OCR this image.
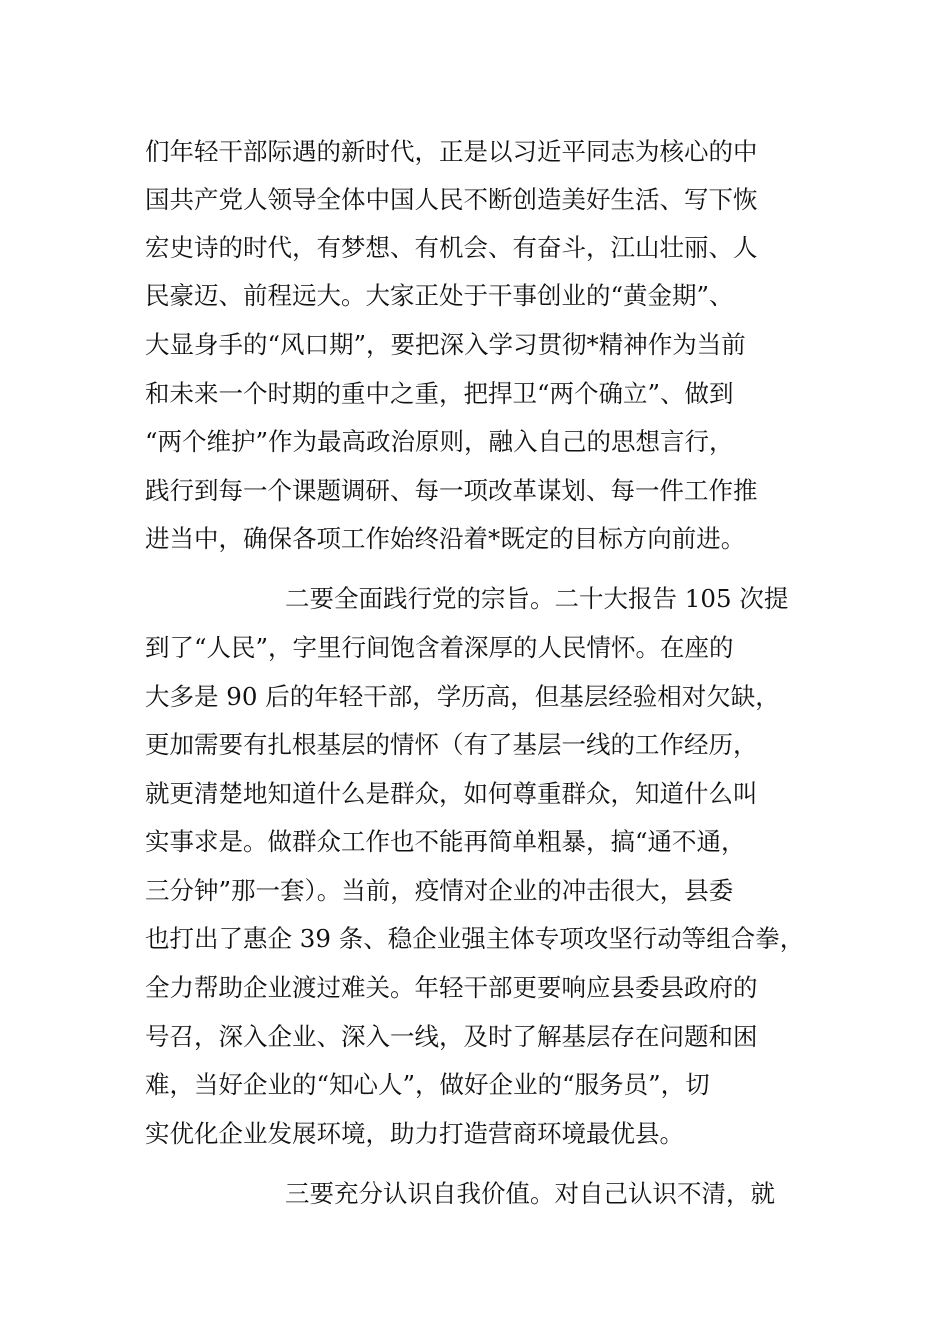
们年轻干部际遇的新时代，正是以习近平同志为核心的中
国共产党人领导全体中国人民不断创造美好生活、写下恢
宏史诗的时代，有梦想、有机会、有奋斗，江山壮丽、人
民豪迈、前程远大。大家正处于干事创业的“黄金期”、
大显身手的“风口期”，要把深入学习贯彻*精神作为当前
和未来一个时期的重中之重，把捍卫“两个确立”、做到
“两个维护”作为最高政治原则，融入自己的思想言行，
践行到每一个课题调研、每一项改革谋划、每一件工作推
进当中，确保各项工作始终沿着*既定的目标方向前进。
二要全面践行党的宗旨。二十大报告 105 次提
到了“人民”，字里行间饱含着深厚的人民情怀。在座的
大多是 90 后的年轻干部，学历高，但基层经验相对欠缺，
更加需要有扎根基层的情怀（有了基层一线的工作经历，
就更清楚地知道什么是群众，如何尊重群众，知道什么叫
实事求是。做群众工作也不能再简单粗暴，搞“通不通，
三分钟”那一套）。当前，疫情对企业的冲击很大，县委
也打出了惠企 39 条、稳企业强主体专项攻坚行动等组合拳，
全力帮助企业渡过难关。年轻干部更要响应县委县政府的
号召，深入企业、深入一线，及时了解基层存在问题和困
难，当好企业的“知心人”，做好企业的“服务员”，切
实优化企业发展环境，助力打造营商环境最优县。
三要充分认识自我价值。对自己认识不清，就
